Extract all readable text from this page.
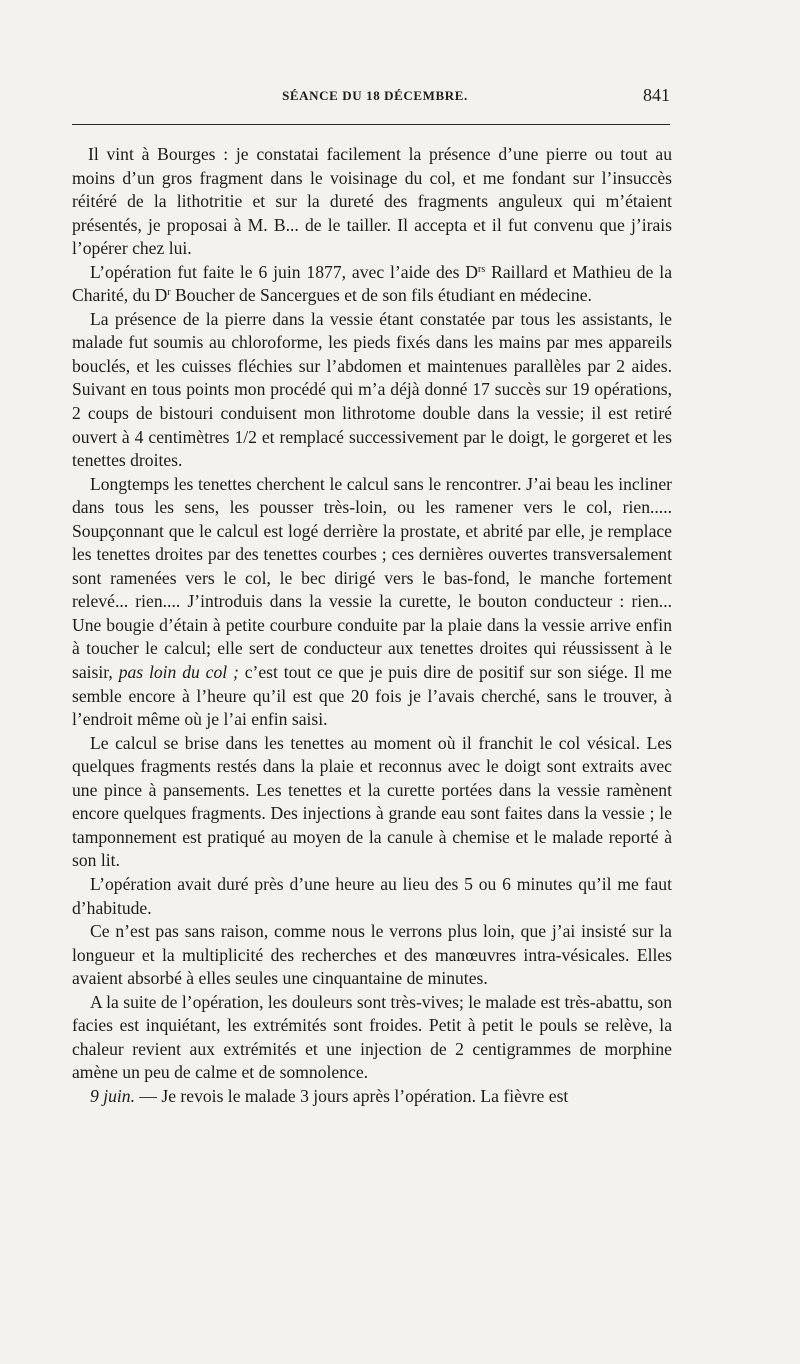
SÉANCE DU 18 DÉCEMBRE.	841

Il vint à Bourges : je constatai facilement la présence d’une pierre ou tout au moins d’un gros fragment dans le voisinage du col, et me fondant sur l’insuccès réitéré de la lithotritie et sur la dureté des fragments anguleux qui m’étaient présentés, je proposai à M. B... de le tailler. Il accepta et il fut convenu que j’irais l’opérer chez lui.

L’opération fut faite le 6 juin 1877, avec l’aide des $D^{rs}$ Raillard et Mathieu de la Charité, du $D^r$ Boucher de Sancergues et de son fils étudiant en médecine.

La présence de la pierre dans la vessie étant constatée par tous les assistants, le malade fut soumis au chloroforme, les pieds fixés dans les mains par mes appareils bouclés, et les cuisses fléchies sur l’abdomen et maintenues parallèles par 2 aides. Suivant en tous points mon procédé qui m’a déjà donné 17 succès sur 19 opérations, 2 coups de bistouri conduisent mon lithrotome double dans la vessie; il est retiré ouvert à 4 centimètres 1/2 et remplacé successivement par le doigt, le gorgeret et les tenettes droites.

Longtemps les tenettes cherchent le calcul sans le rencontrer. J’ai beau les incliner dans tous les sens, les pousser très-loin, ou les ramener vers le col, rien..... Soupçonnant que le calcul est logé derrière la prostate, et abrité par elle, je remplace les tenettes droites par des tenettes courbes ; ces dernières ouvertes transversalement sont ramenées vers le col, le bec dirigé vers le bas-fond, le manche fortement relevé... rien.... J’introduis dans la vessie la curette, le bouton conducteur : rien... Une bougie d’étain à petite courbure conduite par la plaie dans la vessie arrive enfin à toucher le calcul; elle sert de conducteur aux tenettes droites qui réussissent à le saisir, pas loin du col ; c’est tout ce que je puis dire de positif sur son siége. Il me semble encore à l’heure qu’il est que 20 fois je l’avais cherché, sans le trouver, à l’endroit même où je l’ai enfin saisi.

Le calcul se brise dans les tenettes au moment où il franchit le col vésical. Les quelques fragments restés dans la plaie et reconnus avec le doigt sont extraits avec une pince à pansements. Les tenettes et la curette portées dans la vessie ramènent encore quelques fragments. Des injections à grande eau sont faites dans la vessie ; le tamponnement est pratiqué au moyen de la canule à chemise et le malade reporté à son lit.

L’opération avait duré près d’une heure au lieu des 5 ou 6 minutes qu’il me faut d’habitude.

Ce n’est pas sans raison, comme nous le verrons plus loin, que j’ai insisté sur la longueur et la multiplicité des recherches et des manœuvres intra-vésicales. Elles avaient absorbé à elles seules une cinquantaine de minutes.

A la suite de l’opération, les douleurs sont très-vives; le malade est très-abattu, son facies est inquiétant, les extrémités sont froides. Petit à petit le pouls se relève, la chaleur revient aux extrémités et une injection de 2 centigrammes de morphine amène un peu de calme et de somnolence.

9 juin. — Je revois le malade 3 jours après l’opération. La fièvre est
